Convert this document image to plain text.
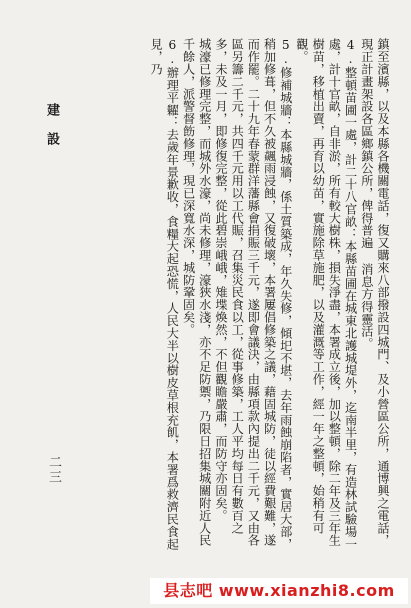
鎮至濱縣，以及本縣各機關電話，復又購來八部撥設四城門、及小營區公所，通博興之電話，現正計畫架設各區鄉鎮公所，俾得普遍 消息方得靈活。

4.整頓苗圃一處，計二十八官畝：本縣苗圃在城東北護城堤外，迄南半里，有造林試驗場一處，計十官畝，自非淤，所有較大樹株，損失淨盡，本署成立後，加以整頓，除二年及三年生樹苗，移植出賣，再育以幼苗，實施除草施肥，以及灌溉等工作，經一年之整頓，始稍有可觀。

5.修補城牆：本縣城牆，係土質築成，年久失修，傾圯不堪，去年雨蝕崩陷者，實居大部，稍加修葺，但不久被飆雨浸蝕，又復破壞，本署屢倡修築之議，藉固城防，徒以經費艱難，遂而作罷。二十九年春蒙群洋藩縣會捐賑三千元，遂即會議決，由縣項款內提出二千元，又由各區另籌二千元，共四千元用以工代賑，召集災民食以工，從事修築，工人平均每日有數百之多，未及一月，即修復完整，從此碧崇峨峨，雉堞煥然，不但觀瞻嚴肅，而防守亦固矣。

城濠已修理完整，而城外水濠，尚未修理，濠狹水淺，亦不足防禦，乃限日招集城關附近人民千餘人，派警督飭修理，現已深寬水深，城防鞏固矣。

6.辦理平糶：去歲年景歉收，食糧大起恐慌，人民大半以樹皮草根充飢，本署爲救濟民食起見，乃

建設
二三
县志吧 www.xianzhi8.com
